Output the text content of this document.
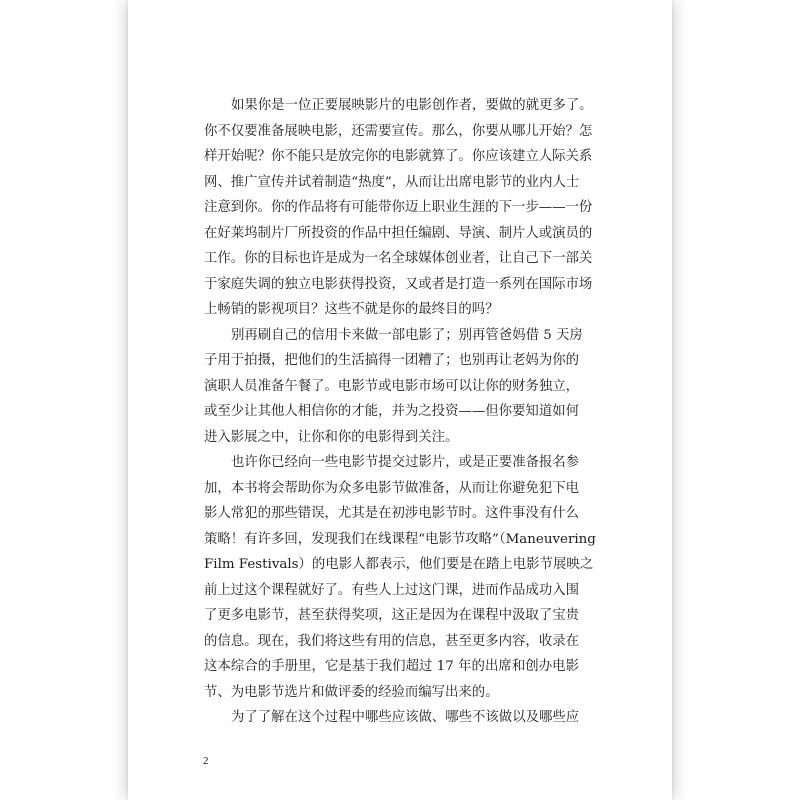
如果你是一位正要展映影片的电影创作者，要做的就更多了。
你不仅要准备展映电影，还需要宣传。那么，你要从哪儿开始？怎
样开始呢？你不能只是放完你的电影就算了。你应该建立人际关系
网、推广宣传并试着制造“热度”，从而让出席电影节的业内人士
注意到你。你的作品将有可能带你迈上职业生涯的下一步——一份
在好莱坞制片厂所投资的作品中担任编剧、导演、制片人或演员的
工作。你的目标也许是成为一名全球媒体创业者，让自己下一部关
于家庭失调的独立电影获得投资，又或者是打造一系列在国际市场
上畅销的影视项目？这些不就是你的最终目的吗？
别再刷自己的信用卡来做一部电影了；别再管爸妈借 5 天房
子用于拍摄，把他们的生活搞得一团糟了；也别再让老妈为你的
演职人员准备午餐了。电影节或电影市场可以让你的财务独立，
或至少让其他人相信你的才能，并为之投资——但你要知道如何
进入影展之中，让你和你的电影得到关注。
也许你已经向一些电影节提交过影片，或是正要准备报名参
加，本书将会帮助你为众多电影节做准备，从而让你避免犯下电
影人常犯的那些错误，尤其是在初涉电影节时。这件事没有什么
策略！有许多回，发现我们在线课程“电影节攻略”（Maneuvering
Film Festivals）的电影人都表示，他们要是在踏上电影节展映之
前上过这个课程就好了。有些人上过这门课，进而作品成功入围
了更多电影节，甚至获得奖项，这正是因为在课程中汲取了宝贵
的信息。现在，我们将这些有用的信息，甚至更多内容，收录在
这本综合的手册里，它是基于我们超过 17 年的出席和创办电影
节、为电影节选片和做评委的经验而编写出来的。
为了了解在这个过程中哪些应该做、哪些不该做以及哪些应
2
